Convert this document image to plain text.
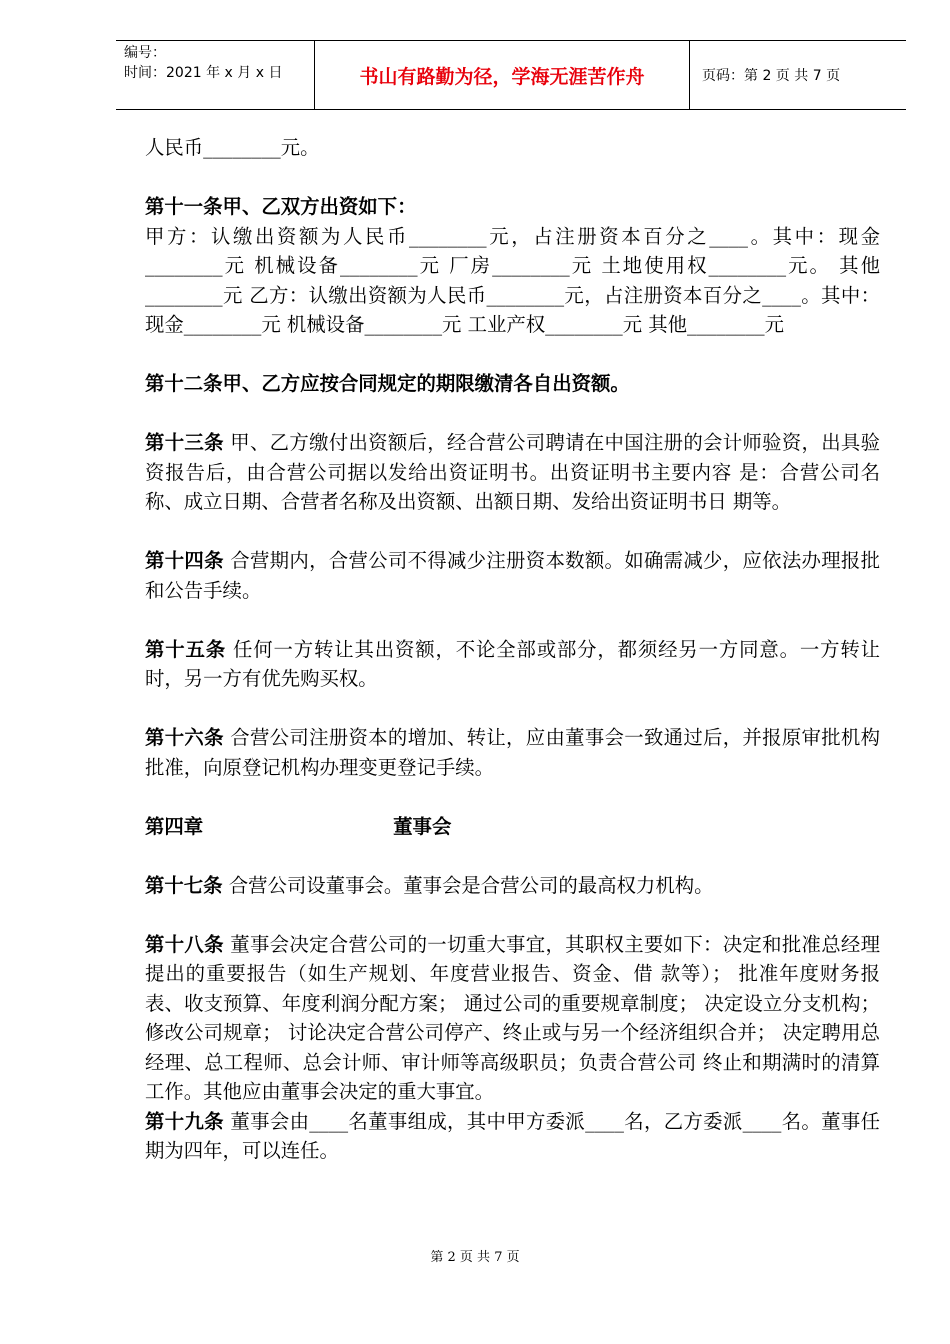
编号：
时间：2021 年 x 月 x 日	书山有路勤为径，学海无涯苦作舟	页码：第 2 页 共 7 页

人民币________元。

第十一条甲、乙双方出资如下：

甲方：认缴出资额为人民币________元，占注册资本百分之____。其中：现金________元 机械设备________元 厂房________元 土地使用权________元。 其他________元 乙方：认缴出资额为人民币________元，占注册资本百分之____。其中：现金________元 机械设备________元 工业产权________元 其他________元

第十二条甲、乙方应按合同规定的期限缴清各自出资额。

第十三条 甲、乙方缴付出资额后，经合营公司聘请在中国注册的会计师验资，出具验资报告后，由合营公司据以发给出资证明书。出资证明书主要内容 是：合营公司名称、成立日期、合营者名称及出资额、出额日期、发给出资证明书日 期等。

第十四条 合营期内，合营公司不得减少注册资本数额。如确需减少，应依法办理报批和公告手续。

第十五条 任何一方转让其出资额，不论全部或部分，都须经另一方同意。一方转让时，另一方有优先购买权。

第十六条 合营公司注册资本的增加、转让，应由董事会一致通过后，并报原审批机构批准，向原登记机构办理变更登记手续。

第四章	董事会

第十七条 合营公司设董事会。董事会是合营公司的最高权力机构。

第十八条 董事会决定合营公司的一切重大事宜，其职权主要如下：决定和批准总经理提出的重要报告（如生产规划、年度营业报告、资金、借 款等）； 批准年度财务报表、收支预算、年度利润分配方案； 通过公司的重要规章制度； 决定设立分支机构；修改公司规章； 讨论决定合营公司停产、终止或与另一个经济组织合并； 决定聘用总经理、总工程师、总会计师、审计师等高级职员；负责合营公司 终止和期满时的清算工作。其他应由董事会决定的重大事宜。

第十九条 董事会由____名董事组成，其中甲方委派____名，乙方委派____名。董事任期为四年，可以连任。

第 2 页 共 7 页
